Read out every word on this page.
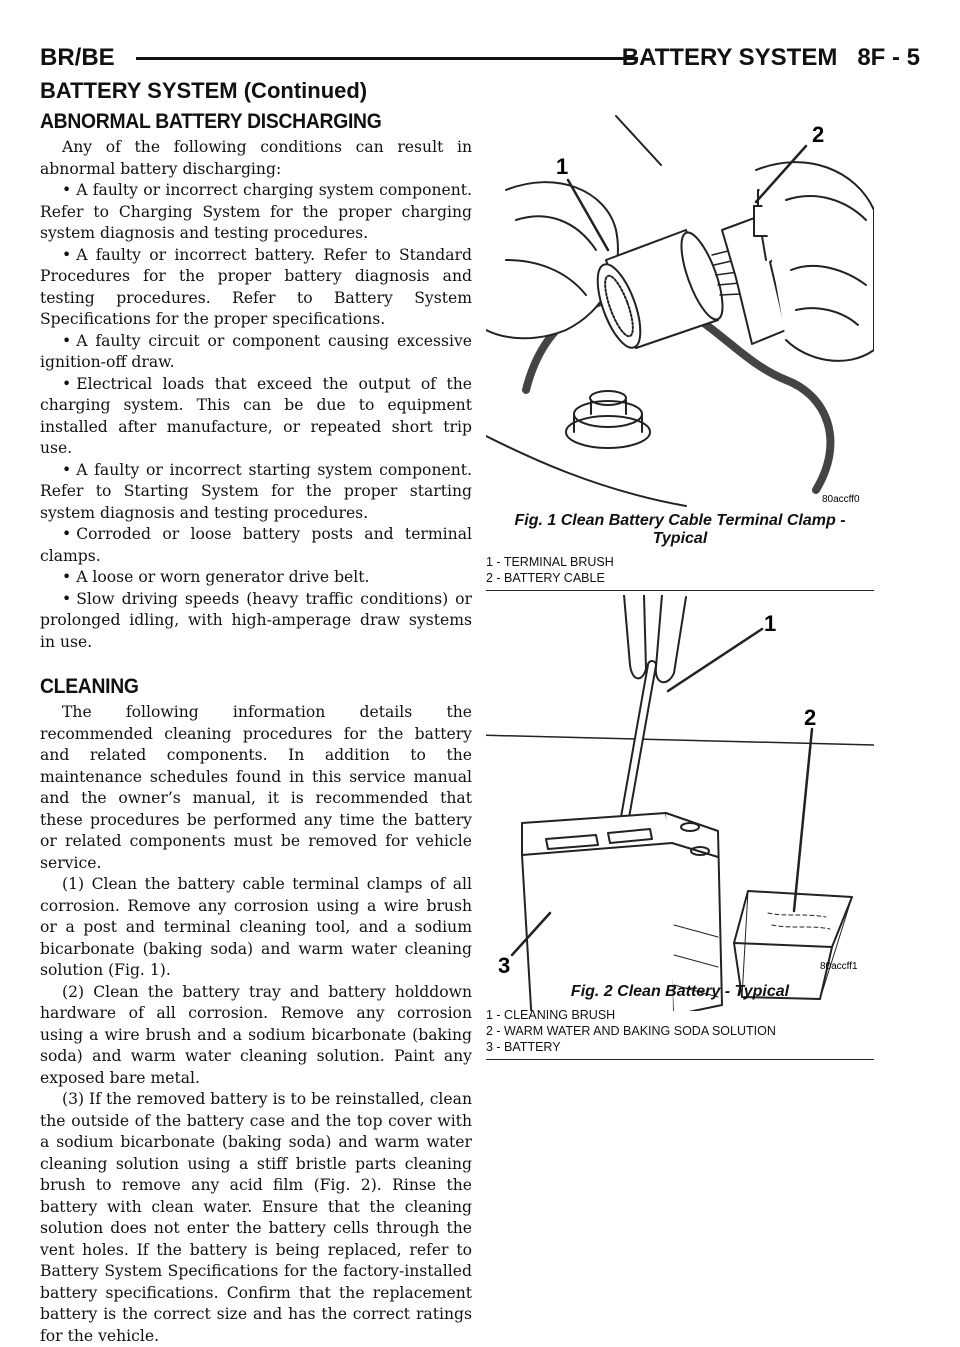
BR/BE	BATTERY SYSTEM 8F - 5
BATTERY SYSTEM (Continued)
ABNORMAL BATTERY DISCHARGING

Any of the following conditions can result in abnormal battery discharging:

• A faulty or incorrect charging system component. Refer to Charging System for the proper charging system diagnosis and testing procedures.

• A faulty or incorrect battery. Refer to Standard Procedures for the proper battery diagnosis and testing procedures. Refer to Battery System Specifications for the proper specifications.

• A faulty circuit or component causing excessive ignition-off draw.

• Electrical loads that exceed the output of the charging system. This can be due to equipment installed after manufacture, or repeated short trip use.

• A faulty or incorrect starting system component. Refer to Starting System for the proper starting system diagnosis and testing procedures.

• Corroded or loose battery posts and terminal clamps.

• A loose or worn generator drive belt.

• Slow driving speeds (heavy traffic conditions) or prolonged idling, with high-amperage draw systems in use.

CLEANING

The following information details the recommended cleaning procedures for the battery and related components. In addition to the maintenance schedules found in this service manual and the owner’s manual, it is recommended that these procedures be performed any time the battery or related components must be removed for vehicle service.

(1) Clean the battery cable terminal clamps of all corrosion. Remove any corrosion using a wire brush or a post and terminal cleaning tool, and a sodium bicarbonate (baking soda) and warm water cleaning solution (Fig. 1).

(2) Clean the battery tray and battery holddown hardware of all corrosion. Remove any corrosion using a wire brush and a sodium bicarbonate (baking soda) and warm water cleaning solution. Paint any exposed bare metal.

(3) If the removed battery is to be reinstalled, clean the outside of the battery case and the top cover with a sodium bicarbonate (baking soda) and warm water cleaning solution using a stiff bristle parts cleaning brush to remove any acid film (Fig. 2). Rinse the battery with clean water. Ensure that the cleaning solution does not enter the battery cells through the vent holes. If the battery is being replaced, refer to Battery System Specifications for the factory-installed battery specifications. Confirm that the replacement battery is the correct size and has the correct ratings for the vehicle.

1
2
80accff0
Fig. 1 Clean Battery Cable Terminal Clamp - Typical
1 - TERMINAL BRUSH
2 - BATTERY CABLE
1
2
3	80accff1
Fig. 2 Clean Battery - Typical
1 - CLEANING BRUSH
2 - WARM WATER AND BAKING SODA SOLUTION
3 - BATTERY
